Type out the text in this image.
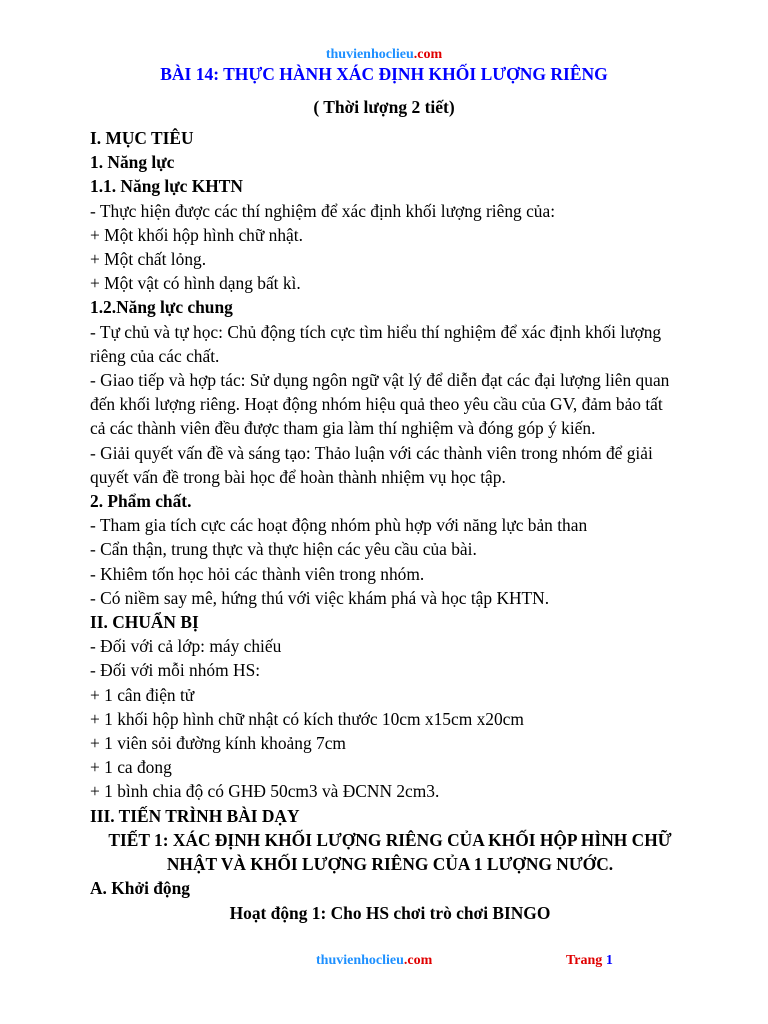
thuvienhoclieu.com
BÀI 14: THỰC HÀNH XÁC ĐỊNH KHỐI LƯỢNG RIÊNG
( Thời lượng 2 tiết)
I. MỤC TIÊU
1. Năng lực
1.1. Năng lực KHTN
- Thực hiện được các thí nghiệm để xác định khối lượng riêng của:
+ Một khối hộp hình chữ nhật.
+ Một chất lỏng.
+ Một vật có hình dạng bất kì.
1.2.Năng lực chung
- Tự chủ và tự học: Chủ động tích cực tìm hiểu thí nghiệm để xác định khối lượng
riêng của các chất.
- Giao tiếp và hợp tác: Sử dụng ngôn ngữ vật lý để diễn đạt các đại lượng liên quan
đến khối lượng riêng. Hoạt động nhóm hiệu quả theo yêu cầu của GV, đảm bảo tất
cả các thành viên đều được tham gia làm thí nghiệm và đóng góp ý kiến.
- Giải quyết vấn đề và sáng tạo: Thảo luận với các thành viên trong nhóm để giải
quyết vấn đề trong bài học để hoàn thành nhiệm vụ học tập.
2. Phẩm chất.
- Tham gia tích cực các hoạt động nhóm phù hợp với năng lực bản than
- Cẩn thận, trung thực và thực hiện các yêu cầu của bài.
- Khiêm tốn học hỏi các thành viên trong nhóm.
- Có niềm say mê, hứng thú với việc khám phá và học tập KHTN.
II. CHUẨN BỊ
- Đối với cả lớp: máy chiếu
- Đối với mỗi nhóm HS:
+ 1 cân điện tử
+ 1 khối hộp hình chữ nhật có kích thước 10cm x15cm x20cm
+ 1 viên sỏi đường kính khoảng 7cm
+ 1 ca đong
+ 1 bình chia độ có GHĐ 50cm3 và ĐCNN 2cm3.
III. TIẾN TRÌNH BÀI DẠY
TIẾT 1: XÁC ĐỊNH KHỐI LƯỢNG RIÊNG CỦA KHỐI HỘP HÌNH CHỮ
NHẬT VÀ KHỐI LƯỢNG RIÊNG CỦA 1 LƯỢNG NƯỚC.
A. Khởi động
Hoạt động 1: Cho HS chơi trò chơi BINGO
thuvienhoclieu.com	Trang 1
